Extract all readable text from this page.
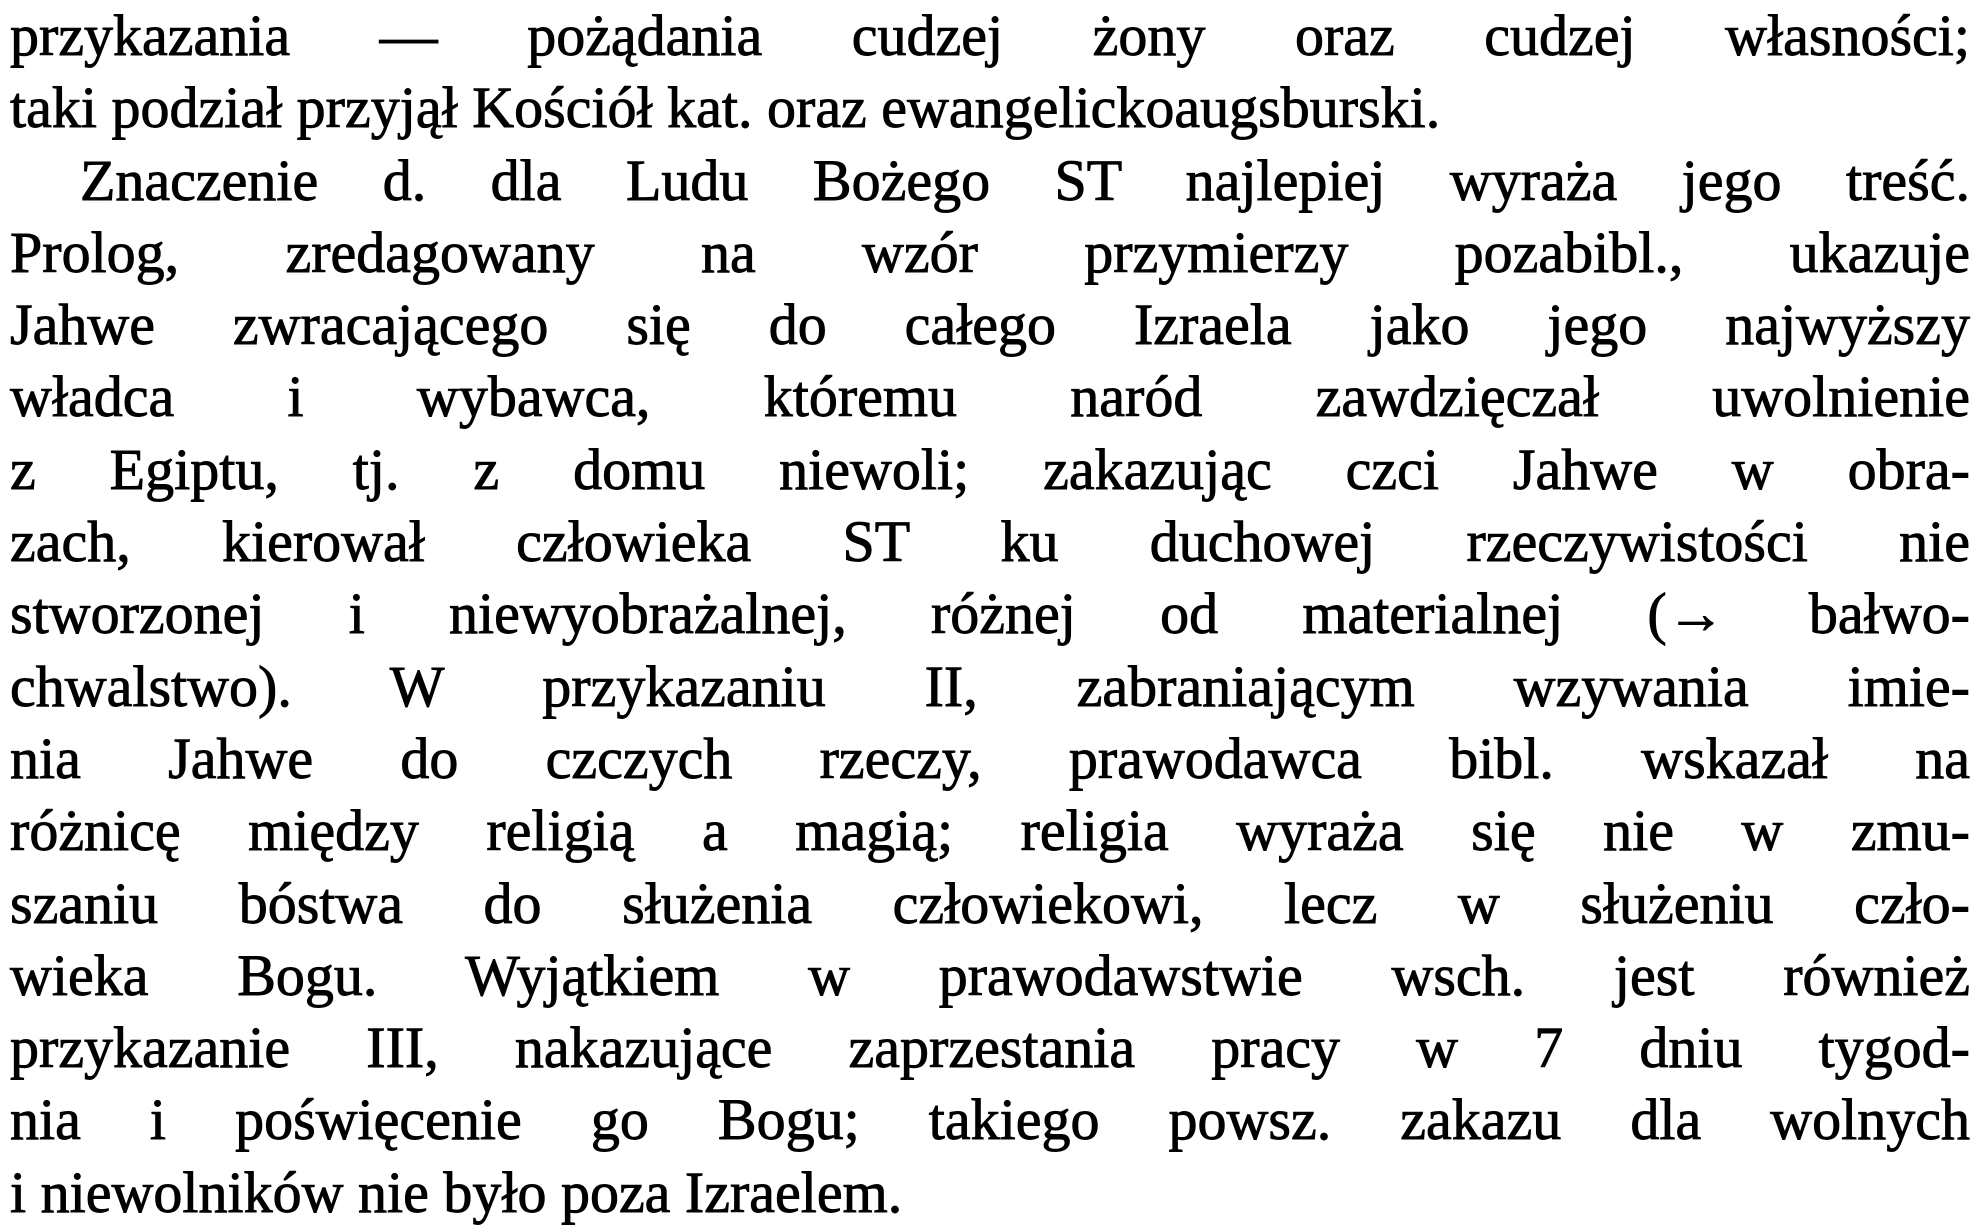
przykazania — pożądania cudzej żony oraz cudzej własności;
taki podział przyjął Kościół kat. oraz ewangelickoaugsburski.
Znaczenie d. dla Ludu Bożego ST najlepiej wyraża jego treść.
Prolog, zredagowany na wzór przymierzy pozabibl., ukazuje
Jahwe zwracającego się do całego Izraela jako jego najwyższy
władca i wybawca, któremu naród zawdzięczał uwolnienie
z Egiptu, tj. z domu niewoli; zakazując czci Jahwe w obra-
zach, kierował człowieka ST ku duchowej rzeczywistości nie
stworzonej i niewyobrażalnej, różnej od materialnej (→ bałwo-
chwalstwo). W przykazaniu II, zabraniającym wzywania imie-
nia Jahwe do czczych rzeczy, prawodawca bibl. wskazał na
różnicę między religią a magią; religia wyraża się nie w zmu-
szaniu bóstwa do służenia człowiekowi, lecz w służeniu czło-
wieka Bogu. Wyjątkiem w prawodawstwie wsch. jest również
przykazanie III, nakazujące zaprzestania pracy w 7 dniu tygod-
nia i poświęcenie go Bogu; takiego powsz. zakazu dla wolnych
i niewolników nie było poza Izraelem.
